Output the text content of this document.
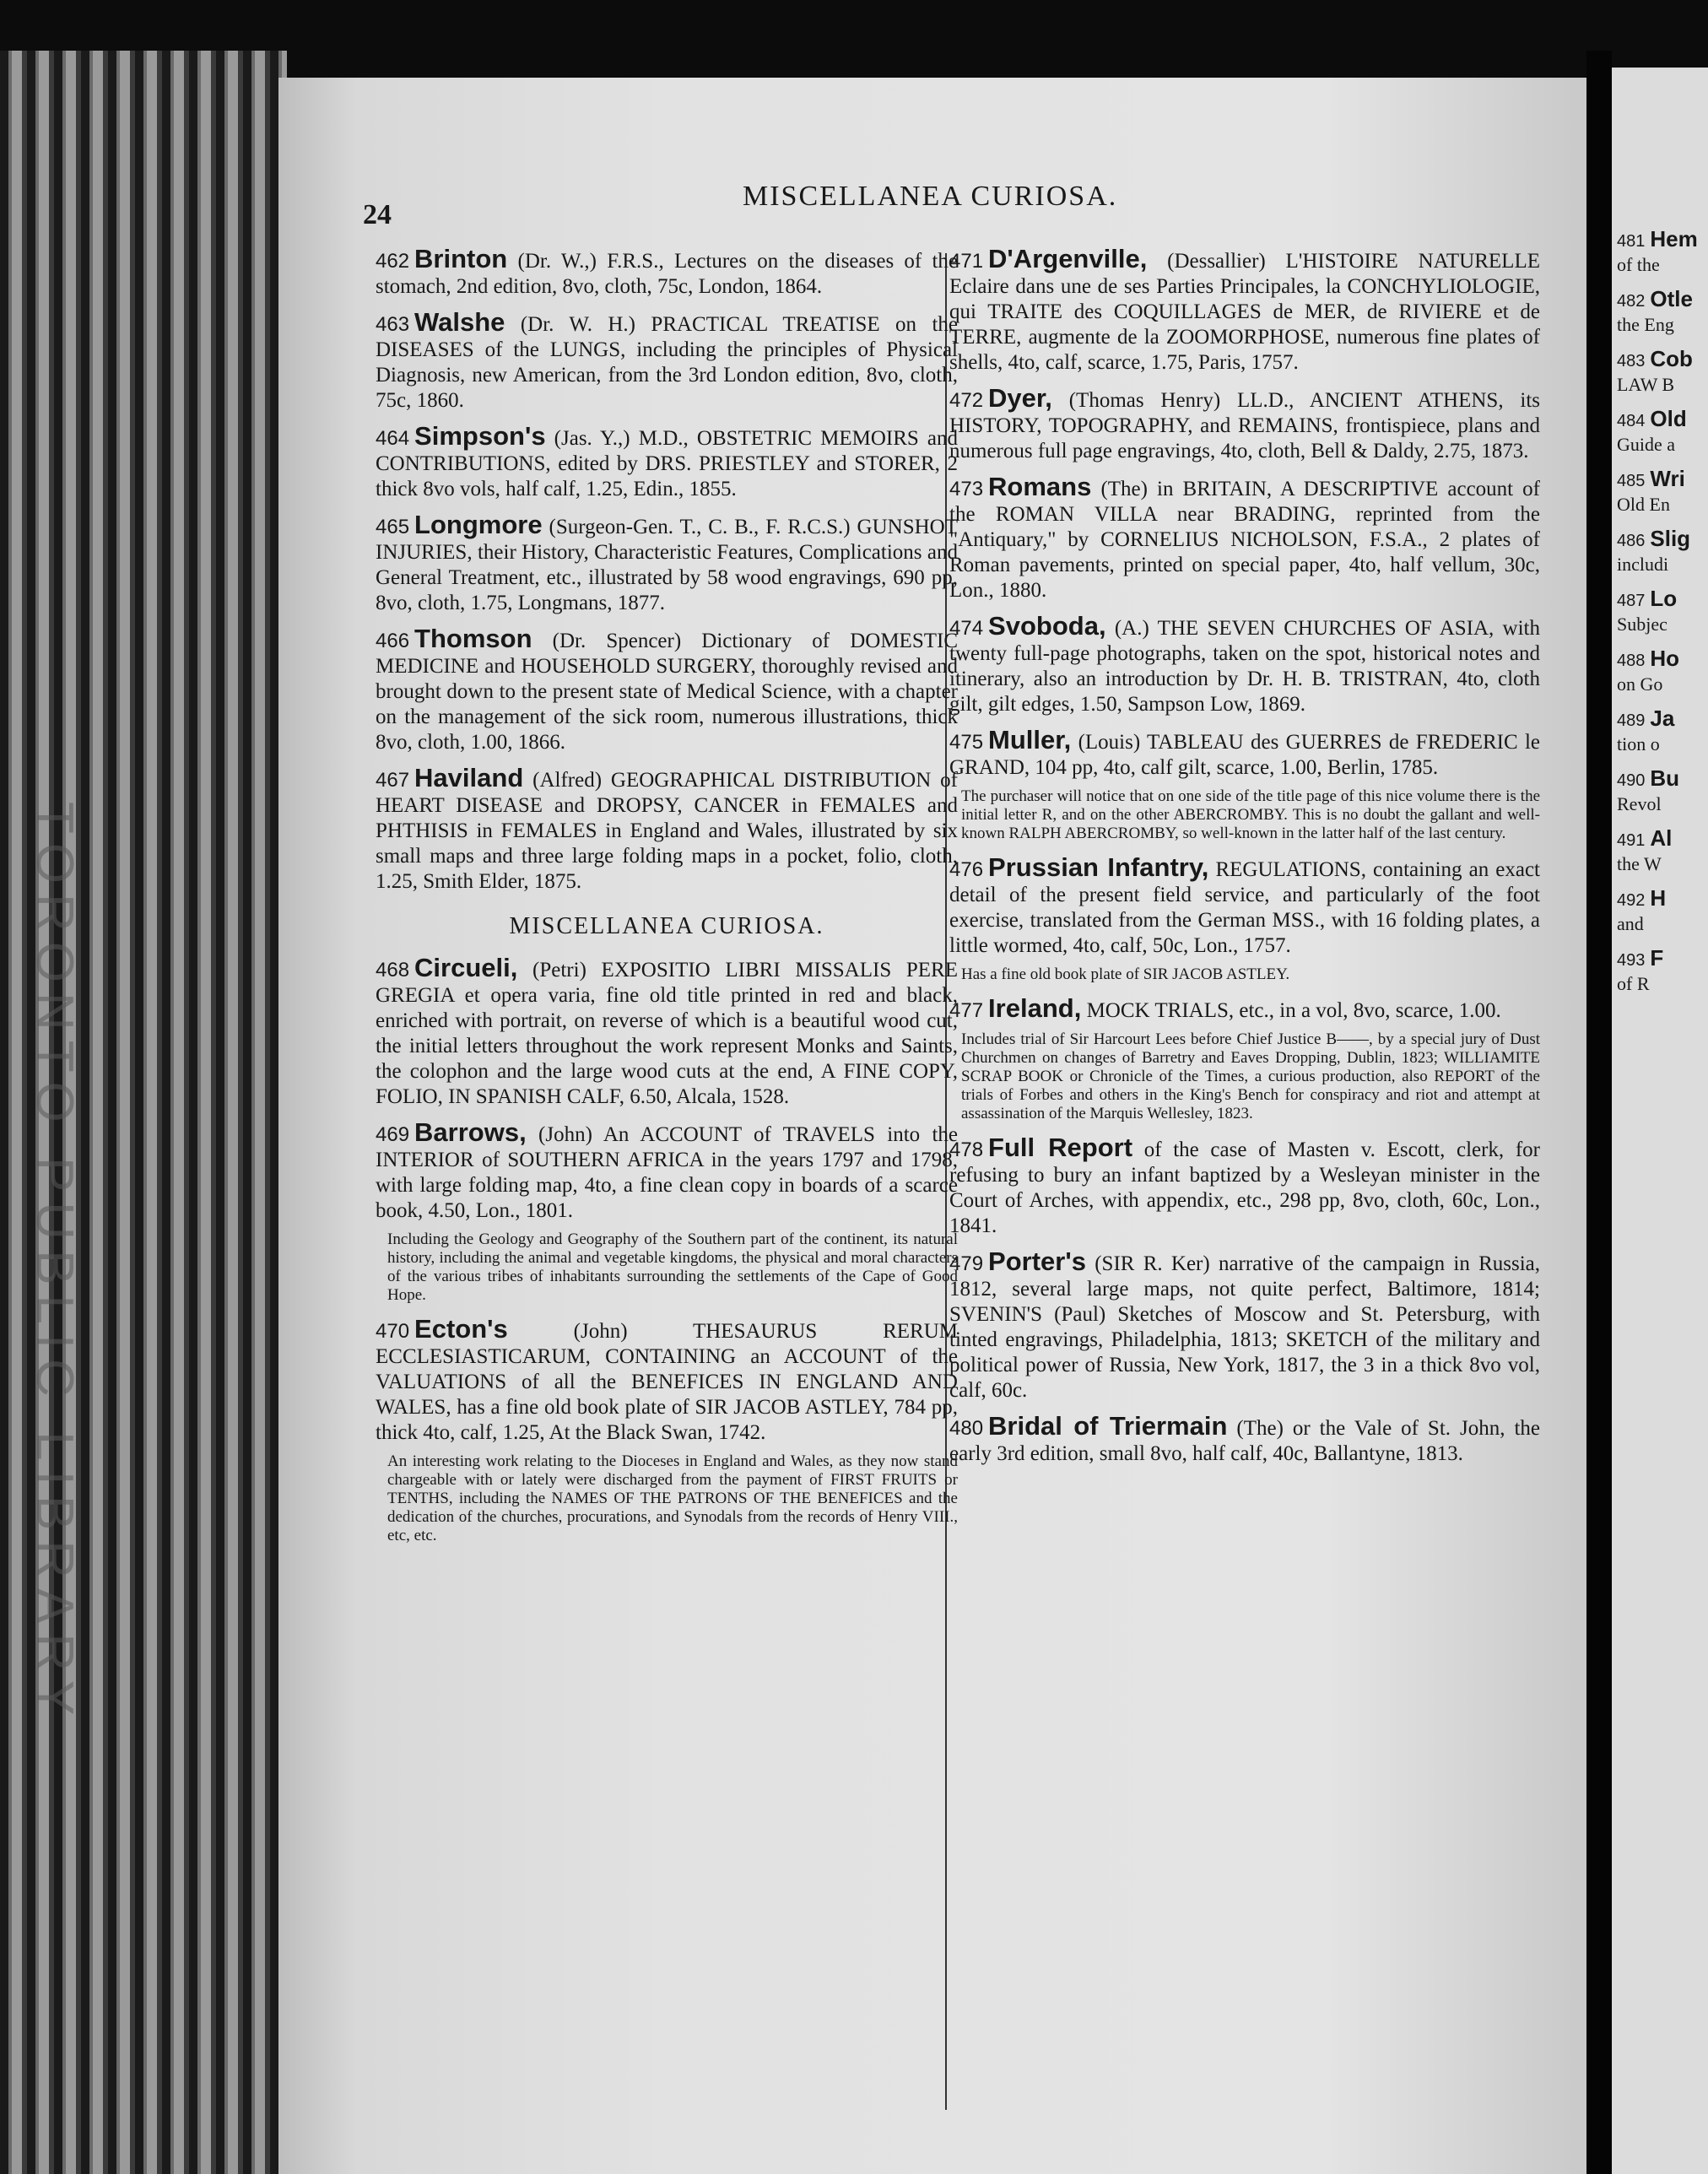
TORONTO PUBLIC LIBRARY
481 Hem
of the
482 Otle
the Eng
483 Cob
LAW B
484 Old
Guide a
485 Wri
Old En
486 Slig
includi
487 Lo
Subjec
488 Ho
on Go
489 Ja
tion o
490 Bu
Revol
491 Al
the W
492 H
and
493 F
of R
24
MISCELLANEA CURIOSA.
462 Brinton (Dr. W.,) F.R.S., Lectures on the diseases of the stomach, 2nd edition, 8vo, cloth, 75c, London, 1864.
463 Walshe (Dr. W. H.) PRACTICAL TREATISE on the DISEASES of the LUNGS, including the principles of Physical Diagnosis, new American, from the 3rd London edition, 8vo, cloth, 75c, 1860.
464 Simpson's (Jas. Y.,) M.D., OBSTETRIC MEMOIRS and CONTRIBUTIONS, edited by DRS. PRIESTLEY and STORER, 2 thick 8vo vols, half calf, 1.25, Edin., 1855.
465 Longmore (Surgeon-Gen. T., C. B., F. R.C.S.) GUNSHOT INJURIES, their History, Characteristic Features, Complications and General Treatment, etc., illustrated by 58 wood engravings, 690 pp, 8vo, cloth, 1.75, Longmans, 1877.
466 Thomson (Dr. Spencer) Dictionary of DOMESTIC MEDICINE and HOUSEHOLD SURGERY, thoroughly revised and brought down to the present state of Medical Science, with a chapter on the management of the sick room, numerous illustrations, thick 8vo, cloth, 1.00, 1866.
467 Haviland (Alfred) GEOGRAPHICAL DISTRIBUTION of HEART DISEASE and DROPSY, CANCER in FEMALES and PHTHISIS in FEMALES in England and Wales, illustrated by six small maps and three large folding maps in a pocket, folio, cloth, 1.25, Smith Elder, 1875.
MISCELLANEA CURIOSA.
468 Circueli, (Petri) EXPOSITIO LIBRI MISSALIS PERE GREGIA et opera varia, fine old title printed in red and black, enriched with portrait, on reverse of which is a beautiful wood cut, the initial letters throughout the work represent Monks and Saints, the colophon and the large wood cuts at the end, A FINE COPY, FOLIO, IN SPANISH CALF, 6.50, Alcala, 1528.
469 Barrows, (John) An ACCOUNT of TRAVELS into the INTERIOR of SOUTHERN AFRICA in the years 1797 and 1798, with large folding map, 4to, a fine clean copy in boards of a scarce book, 4.50, Lon., 1801.
Including the Geology and Geography of the Southern part of the continent, its natural history, including the animal and vegetable kingdoms, the physical and moral characters of the various tribes of inhabitants surrounding the settlements of the Cape of Good Hope.
470 Ecton's	(John) THESAURUS RERUM ECCLESIASTICARUM, CONTAINING an ACCOUNT of the VALUATIONS of all the BENEFICES IN ENGLAND AND WALES, has a fine old book plate of SIR JACOB ASTLEY, 784 pp, thick 4to, calf, 1.25, At the Black Swan, 1742.
An interesting work relating to the Dioceses in England and Wales, as they now stand chargeable with or lately were discharged from the payment of FIRST FRUITS or TENTHS, including the NAMES OF THE PATRONS OF THE BENEFICES and the dedication of the churches, procurations, and Synodals from the records of Henry VIII., etc, etc.
471 D'Argenville, (Dessallier) L'HISTOIRE NATURELLE Eclaire dans une de ses Parties Principales, la CONCHYLIOLOGIE, qui TRAITE des COQUILLAGES de MER, de RIVIERE et de TERRE, augmente de la ZOOMORPHOSE, numerous fine plates of shells, 4to, calf, scarce, 1.75, Paris, 1757.
472 Dyer, (Thomas Henry) LL.D., ANCIENT ATHENS, its HISTORY, TOPOGRAPHY, and REMAINS, frontispiece, plans and numerous full page engravings, 4to, cloth, Bell & Daldy, 2.75, 1873.
473 Romans (The) in BRITAIN, A DESCRIPTIVE account of the ROMAN VILLA near BRADING, reprinted from the "Antiquary," by CORNELIUS NICHOLSON, F.S.A., 2 plates of Roman pavements, printed on special paper, 4to, half vellum, 30c, Lon., 1880.
474 Svoboda, (A.) THE SEVEN CHURCHES OF ASIA, with twenty full-page photographs, taken on the spot, historical notes and itinerary, also an introduction by Dr. H. B. TRISTRAN, 4to, cloth gilt, gilt edges, 1.50, Sampson Low, 1869.
475 Muller, (Louis) TABLEAU des GUERRES de FREDERIC le GRAND, 104 pp, 4to, calf gilt, scarce, 1.00, Berlin, 1785.
The purchaser will notice that on one side of the title page of this nice volume there is the initial letter R, and on the other ABERCROMBY. This is no doubt the gallant and well-known RALPH ABERCROMBY, so well-known in the latter half of the last century.
476 Prussian Infantry, REGULATIONS, containing an exact detail of the present field service, and particularly of the foot exercise, translated from the German MSS., with 16 folding plates, a little wormed, 4to, calf, 50c, Lon., 1757.
Has a fine old book plate of SIR JACOB ASTLEY.
477 Ireland, MOCK TRIALS, etc., in a vol, 8vo, scarce, 1.00.
Includes trial of Sir Harcourt Lees before Chief Justice B——, by a special jury of Dust Churchmen on changes of Barretry and Eaves Dropping, Dublin, 1823; WILLIAMITE SCRAP BOOK or Chronicle of the Times, a curious production, also REPORT of the trials of Forbes and others in the King's Bench for conspiracy and riot and attempt at assassination of the Marquis Wellesley, 1823.
478 Full Report of the case of Masten v. Escott, clerk, for refusing to bury an infant baptized by a Wesleyan minister in the Court of Arches, with appendix, etc., 298 pp, 8vo, cloth, 60c, Lon., 1841.
479 Porter's (SIR R. Ker) narrative of the campaign in Russia, 1812, several large maps, not quite perfect, Baltimore, 1814; SVENIN'S (Paul) Sketches of Moscow and St. Petersburg, with tinted engravings, Philadelphia, 1813; SKETCH of the military and political power of Russia, New York, 1817, the 3 in a thick 8vo vol, calf, 60c.
480 Bridal of Triermain (The) or the Vale of St. John, the early 3rd edition, small 8vo, half calf, 40c, Ballantyne, 1813.
